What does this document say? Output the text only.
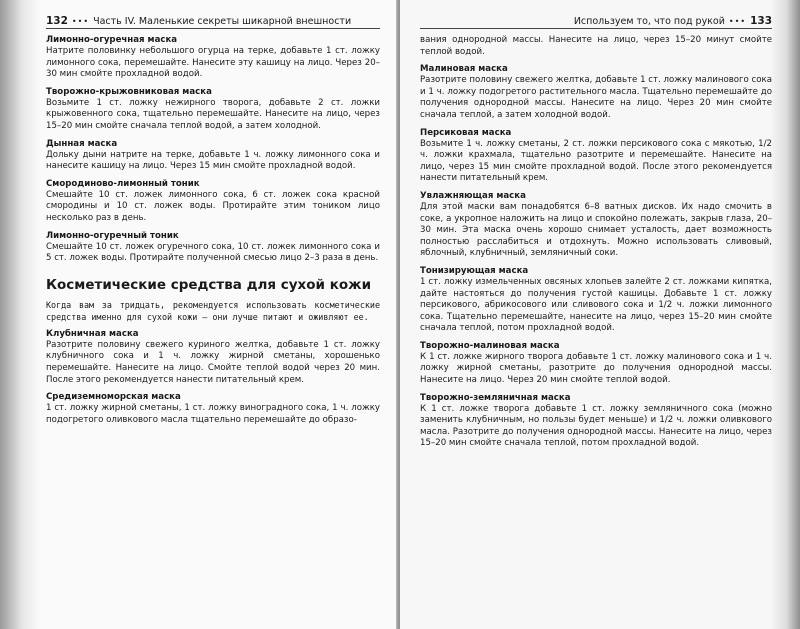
132 ••• Часть IV. Маленькие секреты шикарной внешности
Лимонно-огуречная маска
Натрите половинку небольшого огурца на терке, добавьте 1 ст. ложку лимонного сока, перемешайте. Нанесите эту кашицу на лицо. Через 20–30 мин смойте прохладной водой.
Творожно-крыжовниковая маска
Возьмите 1 ст. ложку нежирного творога, добавьте 2 ст. ложки крыжовенного сока, тщательно перемешайте. Нанесите на лицо, через 15–20 мин смойте сначала теплой водой, а затем холодной.
Дынная маска
Дольку дыни натрите на терке, добавьте 1 ч. ложку лимонного сока и нанесите кашицу на лицо. Через 15 мин смойте прохладной водой.
Смородиново-лимонный тоник
Смешайте 10 ст. ложек лимонного сока, 6 ст. ложек сока красной смородины и 10 ст. ложек воды. Протирайте этим тоником лицо несколько раз в день.
Лимонно-огуречный тоник
Смешайте 10 ст. ложек огуречного сока, 10 ст. ложек лимонного сока и 5 ст. ложек воды. Протирайте полученной смесью лицо 2–3 раза в день.
Косметические средства для сухой кожи
Когда вам за тридцать, рекомендуется использовать косметические средства именно для сухой кожи — они лучше питают и оживляют ее.
Клубничная маска
Разотрите половину свежего куриного желтка, добавьте 1 ст. ложку клубничного сока и 1 ч. ложку жирной сметаны, хорошенько перемешайте. Нанесите на лицо. Смойте теплой водой через 20 мин. После этого рекомендуется нанести питательный крем.
Средиземноморская маска
1 ст. ложку жирной сметаны, 1 ст. ложку виноградного сока, 1 ч. ложку подогретого оливкового масла тщательно перемешайте до образо-
Используем то, что под рукой ••• 133
вания однородной массы. Нанесите на лицо, через 15–20 минут смойте теплой водой.
Малиновая маска
Разотрите половину свежего желтка, добавьте 1 ст. ложку малинового сока и 1 ч. ложку подогретого растительного масла. Тщательно перемешайте до получения однородной массы. Нанесите на лицо. Через 20 мин смойте сначала теплой, а затем холодной водой.
Персиковая маска
Возьмите 1 ч. ложку сметаны, 2 ст. ложки персикового сока с мякотью, 1/2 ч. ложки крахмала, тщательно разотрите и перемешайте. Нанесите на лицо, через 15 мин смойте прохладной водой. После этого рекомендуется нанести питательный крем.
Увлажняющая маска
Для этой маски вам понадобятся 6–8 ватных дисков. Их надо смочить в соке, а укропное наложить на лицо и спокойно полежать, закрыв глаза, 20–30 мин. Эта маска очень хорошо снимает усталость, дает возможность полностью расслабиться и отдохнуть. Можно использовать сливовый, яблочный, клубничный, земляничный соки.
Тонизирующая маска
1 ст. ложку измельченных овсяных хлопьев залейте 2 ст. ложками кипятка, дайте настояться до получения густой кашицы. Добавьте 1 ст. ложку персикового, абрикосового или сливового сока и 1/2 ч. ложки лимонного сока. Тщательно перемешайте, нанесите на лицо, через 15–20 мин смойте сначала теплой, потом прохладной водой.
Творожно-малиновая маска
К 1 ст. ложке жирного творога добавьте 1 ст. ложку малинового сока и 1 ч. ложку жирной сметаны, разотрите до получения однородной массы. Нанесите на лицо. Через 20 мин смойте теплой водой.
Творожно-земляничная маска
К 1 ст. ложке творога добавьте 1 ст. ложку земляничного сока (можно заменить клубничным, но пользы будет меньше) и 1/2 ч. ложки оливкового масла. Разотрите до получения однородной массы. Нанесите на лицо, через 15–20 мин смойте сначала теплой, потом прохладной водой.
